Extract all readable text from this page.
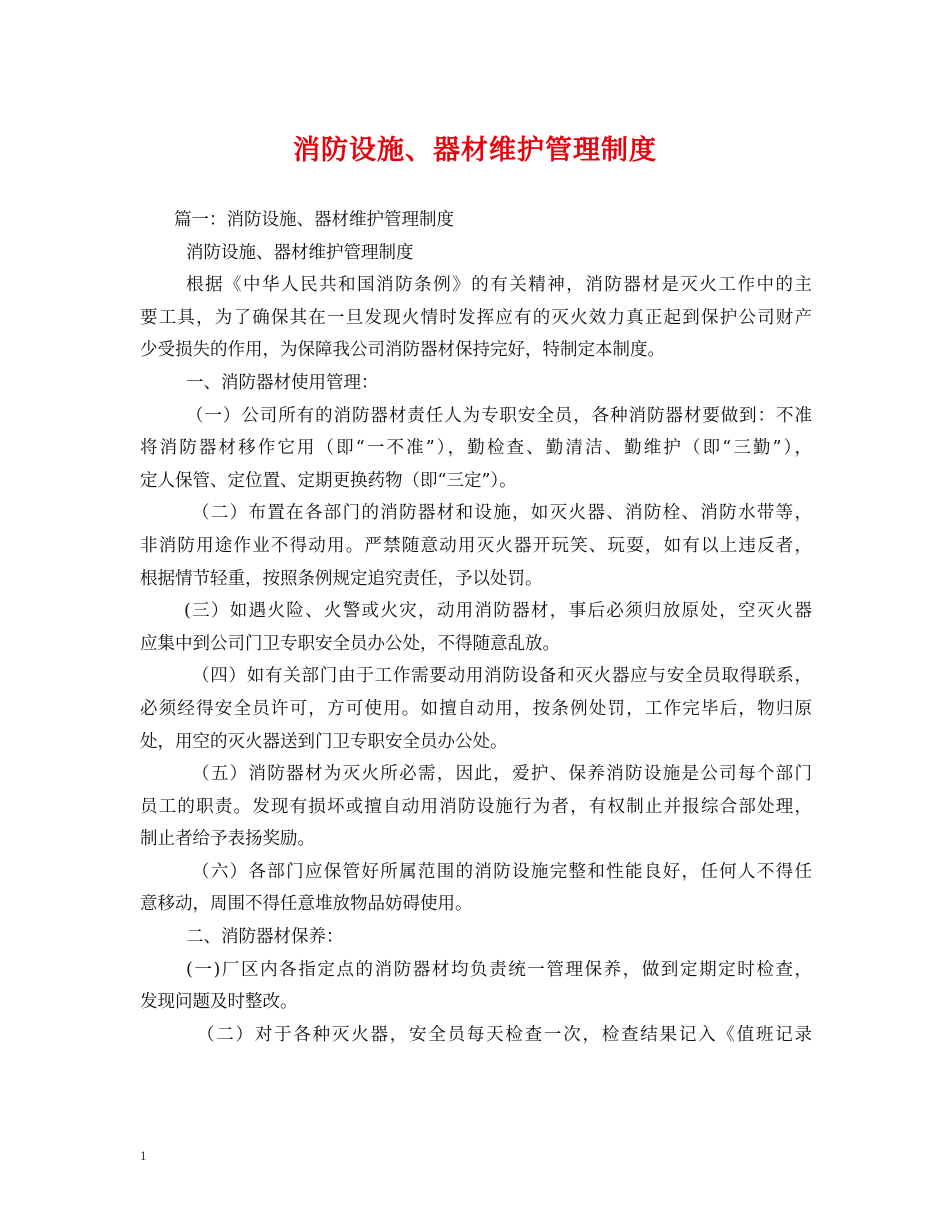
消防设施、器材维护管理制度
篇一：消防设施、器材维护管理制度
消防设施、器材维护管理制度
根据《中华人民共和国消防条例》的有关精神，消防器材是灭火工作中的主
要工具，为了确保其在一旦发现火情时发挥应有的灭火效力真正起到保护公司财产
少受损失的作用，为保障我公司消防器材保持完好，特制定本制度。
一、消防器材使用管理：
（一）公司所有的消防器材责任人为专职安全员，各种消防器材要做到：不准
将消防器材移作它用（即“一不准”），勤检查、勤清洁、勤维护（即“三勤”），
定人保管、定位置、定期更换药物（即“三定”）。
（二）布置在各部门的消防器材和设施，如灭火器、消防栓、消防水带等，
非消防用途作业不得动用。严禁随意动用灭火器开玩笑、玩耍，如有以上违反者，
根据情节轻重，按照条例规定追究责任，予以处罚。
(三）如遇火险、火警或火灾，动用消防器材，事后必须归放原处，空灭火器
应集中到公司门卫专职安全员办公处，不得随意乱放。
（四）如有关部门由于工作需要动用消防设备和灭火器应与安全员取得联系，
必须经得安全员许可，方可使用。如擅自动用，按条例处罚，工作完毕后，物归原
处，用空的灭火器送到门卫专职安全员办公处。
（五）消防器材为灭火所必需，因此，爱护、保养消防设施是公司每个部门
员工的职责。发现有损坏或擅自动用消防设施行为者，有权制止并报综合部处理，
制止者给予表扬奖励。
（六）各部门应保管好所属范围的消防设施完整和性能良好，任何人不得任
意移动，周围不得任意堆放物品妨碍使用。
二、消防器材保养：
(一)厂区内各指定点的消防器材均负责统一管理保养，做到定期定时检查，
发现问题及时整改。
（二）对于各种灭火器，安全员每天检查一次，检查结果记入《值班记录
1
